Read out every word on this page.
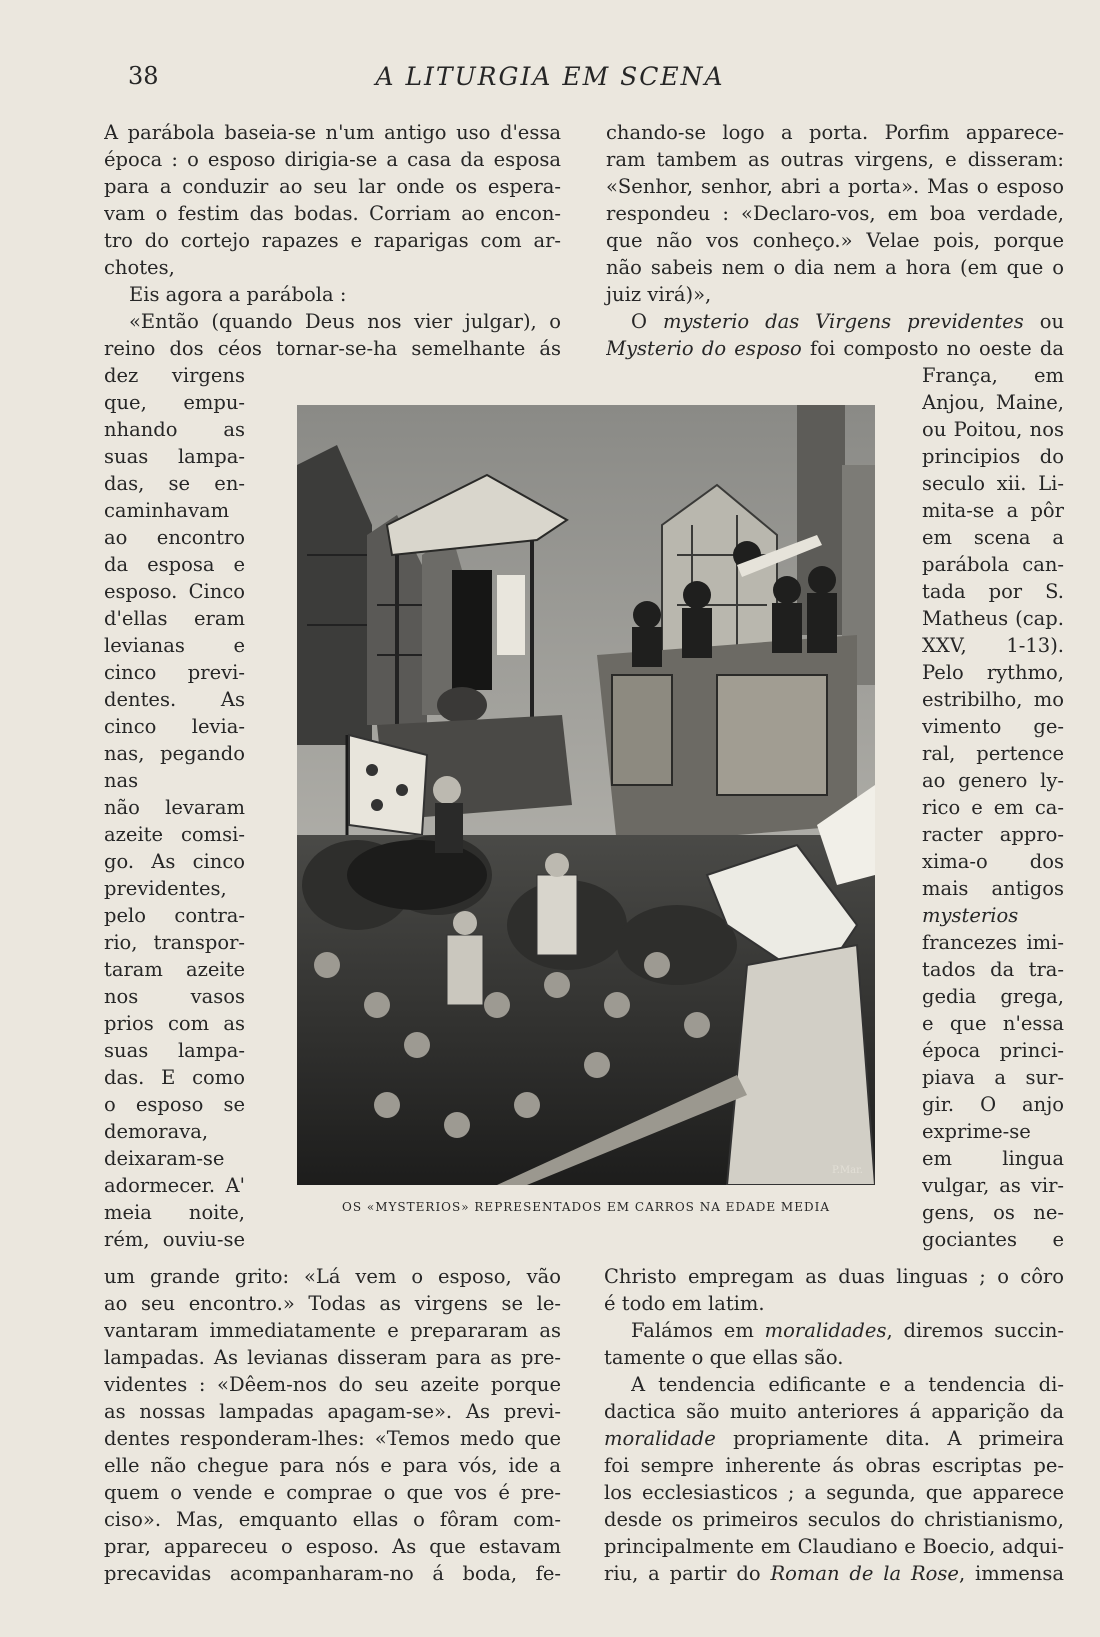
38	A LITURGIA EM SCENA
A parábola baseia-se n'um antigo uso d'essa
época : o esposo dirigia-se a casa da esposa
para a conduzir ao seu lar onde os espera-
vam o festim das bodas. Corriam ao encon-
tro do cortejo rapazes e raparigas com ar-
chotes,
Eis agora a parábola :
«Então (quando Deus nos vier julgar), o
reino dos céos tornar-se-ha semelhante ás
dez virgens
que, empu-
nhando as
suas lampa-
das, se en-
caminhavam
ao encontro
da esposa e
esposo. Cinco
d'ellas eram
levianas e
cinco previ-
dentes. As
cinco levia-
nas, pegando
nas
não levaram
azeite comsi-
go. As cinco
previdentes,
pelo contra-
rio, transpor-
taram azeite
nos vasos
prios com as
suas lampa-
das. E como
o esposo se
demorava,
deixaram-se
adormecer. A'
meia noite,
rém, ouviu-se
um grande grito: «Lá vem o esposo, vão
ao seu encontro.» Todas as virgens se le-
vantaram immediatamente e prepararam as
lampadas. As levianas disseram para as pre-
videntes : «Dêem-nos do seu azeite porque
as nossas lampadas apagam-se». As previ-
dentes responderam-lhes: «Temos medo que
elle não chegue para nós e para vós, ide a
quem o vende e comprae o que vos é pre-
ciso». Mas, emquanto ellas o fôram com-
prar, appareceu o esposo. As que estavam
precavidas acompanharam-no á boda, fe-
chando-se logo a porta. Porfim apparece-
ram tambem as outras virgens, e disseram:
«Senhor, senhor, abri a porta». Mas o esposo
respondeu : «Declaro-vos, em boa verdade,
que não vos conheço.» Velae pois, porque
não sabeis nem o dia nem a hora (em que o
juiz virá)»,
O mysterio das Virgens previdentes ou
Mysterio do esposo foi composto no oeste da
França, em
Anjou, Maine,
ou Poitou, nos
principios do
seculo xii. Li-
mita-se a pôr
em scena a
parábola can-
tada por S.
Matheus (cap.
XXV, 1-13).
Pelo rythmo,
estribilho, mo
vimento ge-
ral, pertence
ao genero ly-
rico e em ca-
racter appro-
xima-o dos
mais antigos
mysterios
francezes imi-
tados da tra-
gedia grega,
e que n'essa
época princi-
piava a sur-
gir. O anjo
exprime-se
em lingua
vulgar, as vir-
gens, os ne-
gociantes e
Christo empregam as duas linguas ; o côro
é todo em latim.
Falámos em moralidades, diremos succin-
tamente o que ellas são.
A tendencia edificante e a tendencia di-
dactica são muito anteriores á apparição da
moralidade propriamente dita. A primeira
foi sempre inherente ás obras escriptas pe-
los ecclesiasticos ; a segunda, que apparece
desde os primeiros seculos do christianismo,
principalmente em Claudiano e Boecio, adqui-
riu, a partir do Roman de la Rose, immensa
P.Mar.
OS «MYSTERIOS» REPRESENTADOS EM CARROS NA EDADE MEDIA
